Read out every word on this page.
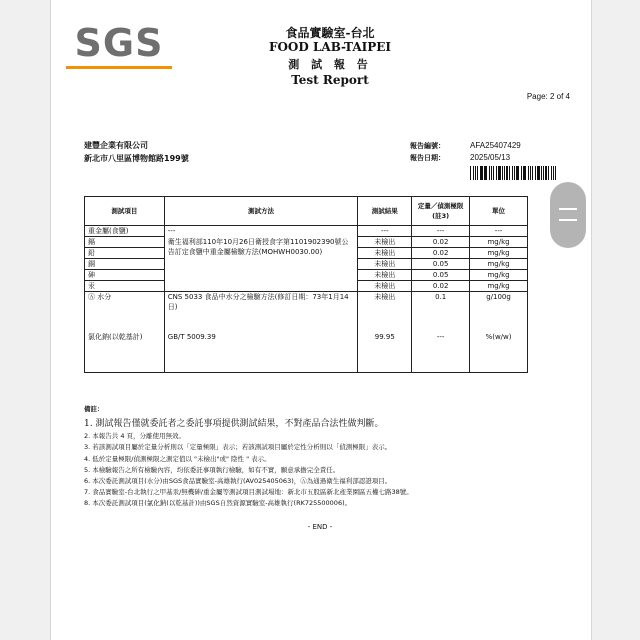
SGS	食品實驗室-台北
FOOD LAB-TAIPEI
測 試 報 告
Test Report
Page: 2 of 4
建豐企業有限公司
新北市八里區博物館路199號
報告編號：	AFA25407429
報告日期：	2025/05/13
測試項目	測試方法	測試結果	定量／偵測極限(註3)	單位
重金屬(食鹽)	---	---	---	---
鎘	衛生福利部110年10月26日衛授食字第1101902390號公告訂定食鹽中重金屬檢驗方法(MOHWH0030.00)	未檢出	0.02	mg/kg
鉛		未檢出	0.02	mg/kg
銅		未檢出	0.05	mg/kg
砷		未檢出	0.05	mg/kg
汞		未檢出	0.02	mg/kg
Ⓐ 水分	CNS 5033 食品中水分之檢驗方法(修訂日期：73年1月14日)	未檢出	0.1	g/100g
氯化鈉(以乾基計)	GB/T 5009.39	99.95	---	%(w/w)
備註：
1. 測試報告僅就委託者之委託事項提供測試結果，不對產品合法性做判斷。
2. 本報告共 4 頁，分離使用無效。
3. 若該測試項目屬於定量分析則以「定量極限」表示；若該測試項目屬於定性分析則以「偵測極限」表示。
4. 低於定量極限/偵測極限之測定值以 "未檢出"或" 陰性 " 表示。
5. 本檢驗報告之所有檢驗內容，均依委託事項執行檢驗，如有不實，願意承擔完全責任。
6. 本次委託測試項目(水分)由SGS食品實驗室-高雄執行(AV025405063)，Ⓐ為通過衛生福利部認證項目。
7. 食品實驗室-台北執行之甲基汞/無機砷/重金屬等測試項目測試場地：新北市五股區新北產業園區五權七路38號。
8. 本次委託測試項目(氯化鈉(以乾基計))由SGS自然資源實驗室-高雄執行(RK725500006)。
- END -
